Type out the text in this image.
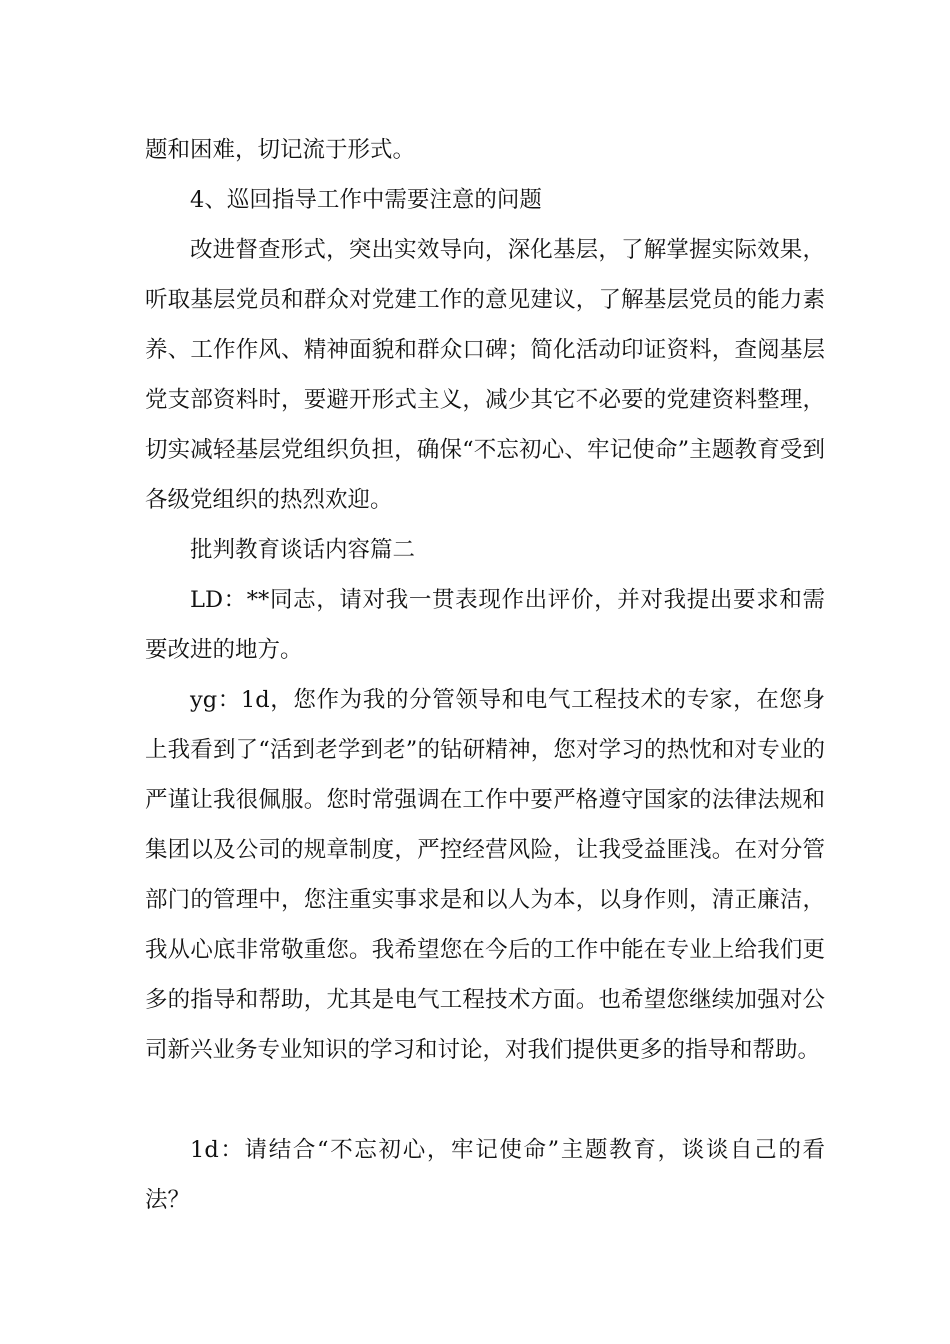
题和困难，切记流于形式。

4、巡回指导工作中需要注意的问题

改进督查形式，突出实效导向，深化基层，了解掌握实际效果，听取基层党员和群众对党建工作的意见建议，了解基层党员的能力素养、工作作风、精神面貌和群众口碑；简化活动印证资料，查阅基层党支部资料时，要避开形式主义，减少其它不必要的党建资料整理，切实减轻基层党组织负担，确保“不忘初心、牢记使命”主题教育受到各级党组织的热烈欢迎。

批判教育谈话内容篇二

LD：**同志，请对我一贯表现作出评价，并对我提出要求和需要改进的地方。

yg：1d，您作为我的分管领导和电气工程技术的专家，在您身上我看到了“活到老学到老”的钻研精神，您对学习的热忱和对专业的严谨让我很佩服。您时常强调在工作中要严格遵守国家的法律法规和集团以及公司的规章制度，严控经营风险，让我受益匪浅。在对分管部门的管理中，您注重实事求是和以人为本，以身作则，清正廉洁，我从心底非常敬重您。我希望您在今后的工作中能在专业上给我们更多的指导和帮助，尤其是电气工程技术方面。也希望您继续加强对公司新兴业务专业知识的学习和讨论，对我们提供更多的指导和帮助。

1d：请结合“不忘初心，牢记使命”主题教育，谈谈自己的看法？
